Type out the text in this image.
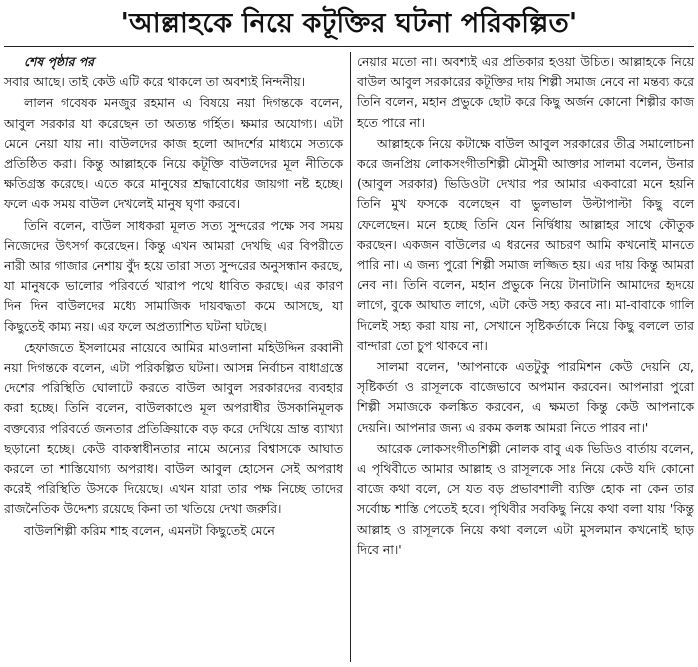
'আল্লাহকে নিয়ে কটূক্তির ঘটনা পরিকল্পিত'
শেষ পৃষ্ঠার পর

সবার আছে। তাই কেউ এটি করে থাকলে তা অবশ্যই নিন্দনীয়।

লালন গবেষক মনজুর রহমান এ বিষয়ে নয়া দিগন্তকে বলেন, আবুল সরকার যা করেছেন তা অত্যন্ত গর্হিত। ক্ষমার অযোগ্য। এটা মেনে নেয়া যায় না। বাউলদের কাজ হলো আদর্শের মাধ্যমে সত্যকে প্রতিষ্ঠিত করা। কিন্তু আল্লাহকে নিয়ে কটূক্তি বাউলদের মূল নীতিকে ক্ষতিগ্রস্ত করেছে। এতে করে মানুষের শ্রদ্ধাবোধের জায়গা নষ্ট হচ্ছে। ফলে এক সময় বাউল দেখলেই মানুষ ঘৃণা করবে।

তিনি বলেন, বাউল সাধকরা মূলত সত্য সুন্দরের পক্ষে সব সময় নিজেদের উৎসর্গ করেছেন। কিন্তু এখন আমরা দেখছি এর বিপরীতে নারী আর গাজার নেশায় বুঁদ হয়ে তারা সত্য সুন্দরের অনুসন্ধান করছে, যা মানুষকে ভালোর পরিবর্তে খারাপ পথে ধাবিত করছে। এর কারণ দিন দিন বাউলদের মধ্যে সামাজিক দায়বদ্ধতা কমে আসছে, যা কিছুতেই কাম্য নয়। এর ফলে অপ্রত্যাশিত ঘটনা ঘটছে।

হেফাজতে ইসলামের নায়েবে আমির মাওলানা মহিউদ্দিন রব্বানী নয়া দিগন্তকে বলেন, এটা পরিকল্পিত ঘটনা। আসন্ন নির্বাচন বাধাগ্রস্তে দেশের পরিস্থিতি ঘোলাটে করতে বাউল আবুল সরকারদের ব্যবহার করা হচ্ছে। তিনি বলেন, বাউলকাণ্ডে মূল অপরাধীর উসকানিমূলক বক্তব্যের পরিবর্তে জনতার প্রতিক্রিয়াকে বড় করে দেখিয়ে ভ্রান্ত ব্যাখ্যা ছড়ানো হচ্ছে। কেউ বাকস্বাধীনতার নামে অন্যের বিশ্বাসকে আঘাত করলে তা শাস্তিযোগ্য অপরাধ। বাউল আবুল হোসেন সেই অপরাধ করেই পরিস্থিতি উসকে দিয়েছে। এখন যারা তার পক্ষ নিচ্ছে তাদের রাজনৈতিক উদ্দেশ্য রয়েছে কিনা তা খতিয়ে দেখা জরুরি।

বাউলশিল্পী করিম শাহ বলেন, এমনটা কিছুতেই মেনে

নেয়ার মতো না। অবশ্যই এর প্রতিকার হওয়া উচিত। আল্লাহকে নিয়ে বাউল আবুল সরকারের কটূক্তির দায় শিল্পী সমাজ নেবে না মন্তব্য করে তিনি বলেন, মহান প্রভুকে ছোট করে কিছু অর্জন কোনো শিল্পীর কাজ হতে পারে না।

আল্লাহকে নিয়ে কটাক্ষে বাউল আবুল সরকারের তীব্র সমালোচনা করে জনপ্রিয় লোকসংগীতশিল্পী মৌসুমী আক্তার সালমা বলেন, উনার (আবুল সরকার) ভিডিওটা দেখার পর আমার একবারো মনে হয়নি তিনি মুখ ফসকে বলেছেন বা ভুলভাল উল্টাপাল্টা কিছু বলে ফেলেছেন। মনে হচ্ছে তিনি যেন নির্দ্বিধায় আল্লাহর সাথে কৌতুক করছেন। একজন বাউলের এ ধরনের আচরণ আমি কখনোই মানতে পারি না। এ জন্য পুরো শিল্পী সমাজ লজ্জিত হয়। এর দায় কিন্তু আমরা নেব না। তিনি বলেন, মহান প্রভুকে নিয়ে টানাটানি আমাদের হৃদয়ে লাগে, বুকে আঘাত লাগে, এটা কেউ সহ্য করবে না। মা-বাবাকে গালি দিলেই সহ্য করা যায় না, সেখানে সৃষ্টিকর্তাকে নিয়ে কিছু বললে তার বান্দারা তো চুপ থাকবে না।

সালমা বলেন, 'আপনাকে এতটুকু পারমিশন কেউ দেয়নি যে, সৃষ্টিকর্তা ও রাসূলকে বাজেভাবে অপমান করবেন। আপনারা পুরো শিল্পী সমাজকে কলঙ্কিত করবেন, এ ক্ষমতা কিন্তু কেউ আপনাকে দেয়নি। আপনার জন্য এ রকম কলঙ্ক আমরা নিতে পারব না।'

আরেক লোকসংগীতশিল্পী নোলক বাবু এক ভিডিও বার্তায় বলেন, এ পৃথিবীতে আমার আল্লাহ ও রাসূলকে সাঃ নিয়ে কেউ যদি কোনো বাজে কথা বলে, সে যত বড় প্রভাবশালী ব্যক্তি হোক না কেন তার সর্বোচ্চ শাস্তি পেতেই হবে। পৃথিবীর সবকিছু নিয়ে কথা বলা যায় 'কিন্তু আল্লাহ ও রাসূলকে নিয়ে কথা বললে এটা মুসলমান কখনোই ছাড় দিবে না।'
